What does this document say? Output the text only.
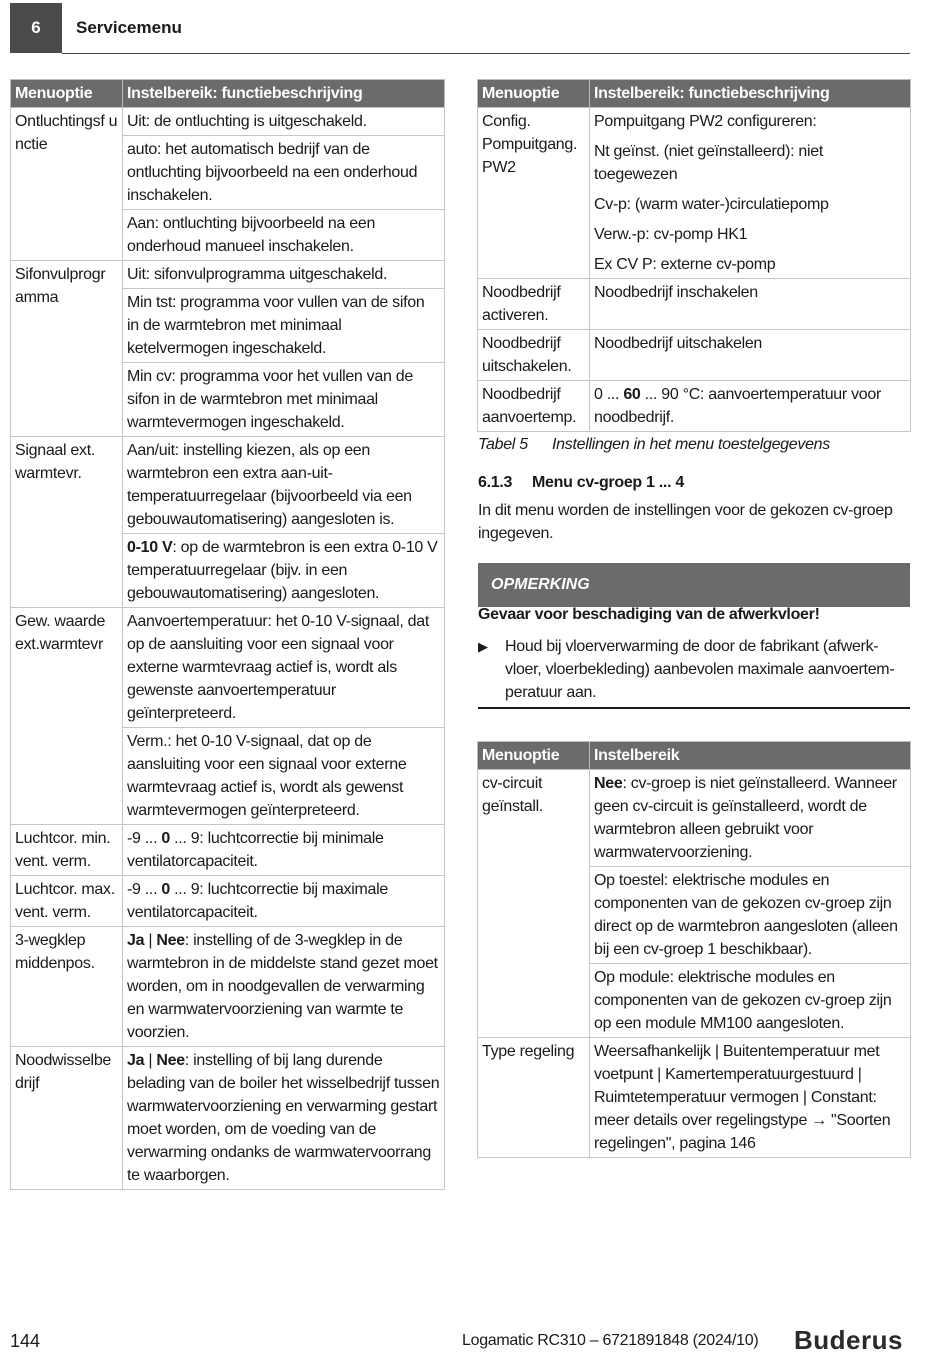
6	Servicemenu
Menuoptie	Instelbereik: functiebeschrijving
Ontluchtingsf unctie	Uit: de ontluchting is uitgeschakeld.
	auto: het automatisch bedrijf van de ontluchting bijvoorbeeld na een onderhoud inschakelen.
	Aan: ontluchting bijvoorbeeld na een onderhoud manueel inschakelen.
Sifonvulprogr amma	Uit: sifonvulprogramma uitgeschakeld.
	Min tst: programma voor vullen van de sifon in de warmtebron met minimaal ketelvermogen ingeschakeld.
	Min cv: programma voor het vullen van de sifon in de warmtebron met minimaal warmtevermogen ingeschakeld.
Signaal ext. warmtevr.	Aan/uit: instelling kiezen, als op een warmtebron een extra aan-uit-temperatuurregelaar (bijvoorbeeld via een gebouwautomatisering) aangesloten is.
	0-10 V: op de warmtebron is een extra 0-10 V temperatuurregelaar (bijv. in een gebouwautomatisering) aangesloten.
Gew. waarde ext.warmtevr	Aanvoertemperatuur: het 0-10 V-signaal, dat op de aansluiting voor een signaal voor externe warmtevraag actief is, wordt als gewenste aanvoertemperatuur geïnterpreteerd.
	Verm.: het 0-10 V-signaal, dat op de aansluiting voor een signaal voor externe warmtevraag actief is, wordt als gewenst warmtevermogen geïnterpreteerd.
Luchtcor. min. vent. verm.	-9 ... 0 ... 9: luchtcorrectie bij minimale ventilatorcapaciteit.
Luchtcor. max. vent. verm.	-9 ... 0 ... 9: luchtcorrectie bij maximale ventilatorcapaciteit.
3-wegklep middenpos.	Ja | Nee: instelling of de 3-wegklep in de warmtebron in de middelste stand gezet moet worden, om in noodgevallen de verwarming en warmwatervoorziening van warmte te voorzien.
Noodwisselbe drijf	Ja | Nee: instelling of bij lang durende belading van de boiler het wisselbedrijf tussen warmwatervoorziening en verwarming gestart moet worden, om de voeding van de verwarming ondanks de warmwatervoorrang te waarborgen.
Menuoptie	Instelbereik: functiebeschrijving
Config. Pompuitgang. PW2	Pompuitgang PW2 configureren:
Nt geïnst. (niet geïnstalleerd): niet toegewezen
Cv-p: (warm water-)circulatiepomp
Verw.-p: cv-pomp HK1
Ex CV P: externe cv-pomp

Noodbedrijf activeren.	Noodbedrijf inschakelen
Noodbedrijf uitschakelen.	Noodbedrijf uitschakelen
Noodbedrijf aanvoertemp.	0 ... 60 ... 90 °C: aanvoertemperatuur voor noodbedrijf.
Tabel 5 Instellingen in het menu toestelgegevens
6.1.3 Menu cv-groep 1 ... 4
In dit menu worden de instellingen voor de gekozen cv-groep ingegeven.
OPMERKING
Gevaar voor beschadiging van de afwerkvloer!
▶ Houd bij vloerverwarming de door de fabrikant (afwerk-vloer, vloerbekleding) aanbevolen maximale aanvoertem-peratuur aan.
Menuoptie	Instelbereik
cv-circuit geïnstall.	Nee: cv-groep is niet geïnstalleerd. Wanneer geen cv-circuit is geïnstalleerd, wordt de warmtebron alleen gebruikt voor warmwatervoorziening.
	Op toestel: elektrische modules en componenten van de gekozen cv-groep zijn direct op de warmtebron aangesloten (alleen bij een cv-groep 1 beschikbaar).
	Op module: elektrische modules en componenten van de gekozen cv-groep zijn op een module MM100 aangesloten.
Type regeling	Weersafhankelijk | Buitentemperatuur met voetpunt | Kamertemperatuurgestuurd | Ruimtetemperatuur vermogen | Constant: meer details over regelingstype → "Soorten regelingen", pagina 146
144	Logamatic RC310 – 6721891848 (2024/10) Buderus
